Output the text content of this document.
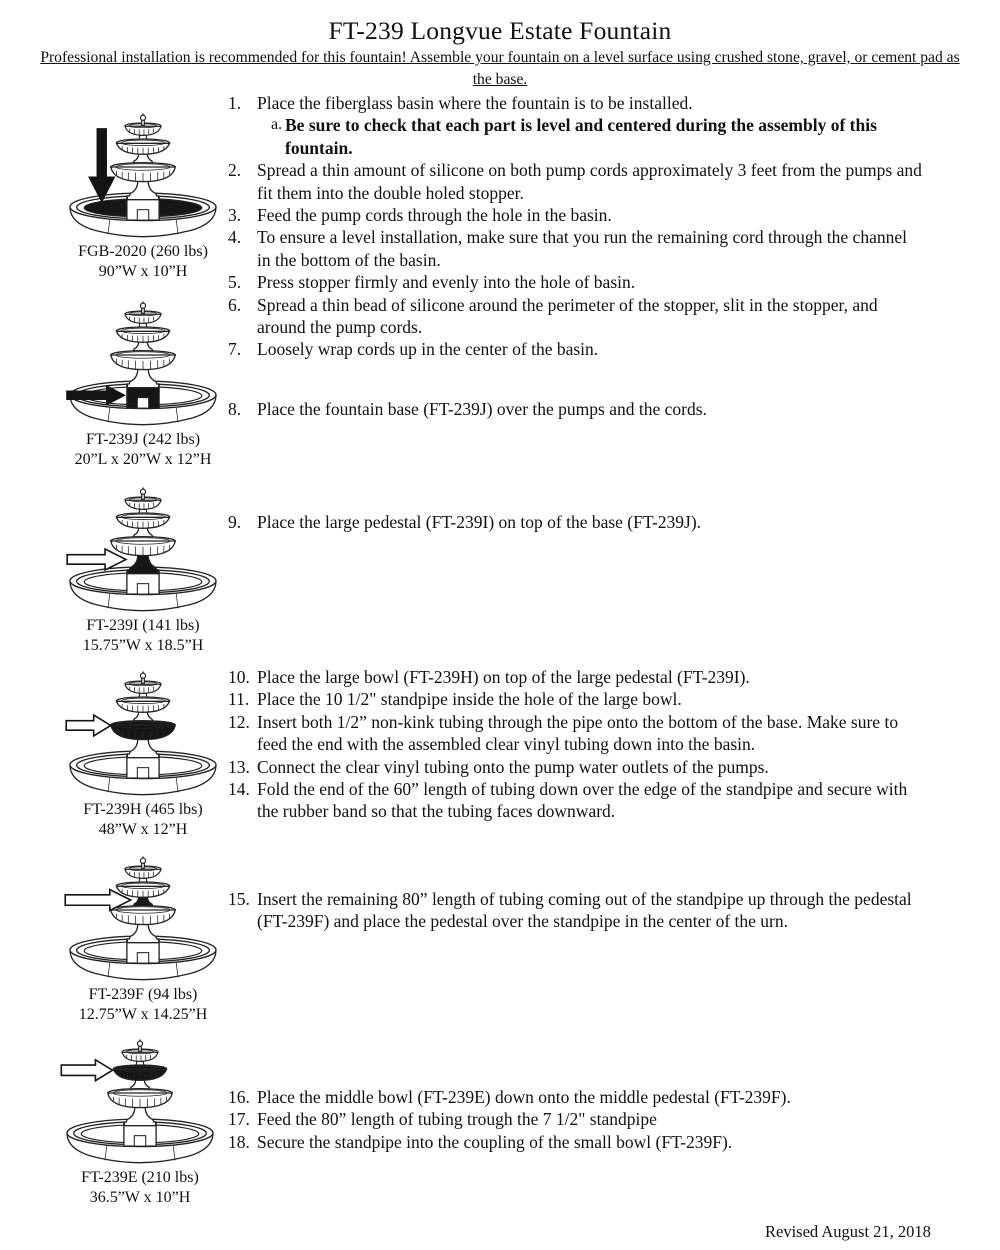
FT-239 Longvue Estate Fountain
Professional installation is recommended for this fountain! Assemble your fountain on a level surface using crushed stone, gravel, or cement pad as the base.
FGB-2020 (260 lbs)
90”W x 10”H
FT-239J (242 lbs)
20”L x 20”W x 12”H
FT-239I (141 lbs)
15.75”W x 18.5”H
FT-239H (465 lbs)
48”W x 12”H
FT-239F (94 lbs)
12.75”W x 14.25”H
FT-239E (210 lbs)
36.5”W x 10”H
1. Place the fiberglass basin where the fountain is to be installed.
a. Be sure to check that each part is level and centered during the assembly of this fountain.
2. Spread a thin amount of silicone on both pump cords approximately 3 feet from the pumps and fit them into the double holed stopper.
3. Feed the pump cords through the hole in the basin.
4. To ensure a level installation, make sure that you run the remaining cord through the channel in the bottom of the basin.
5. Press stopper firmly and evenly into the hole of basin.
6. Spread a thin bead of silicone around the perimeter of the stopper, slit in the stopper, and around the pump cords.
7. Loosely wrap cords up in the center of the basin.
8. Place the fountain base (FT-239J) over the pumps and the cords.
9. Place the large pedestal (FT-239I) on top of the base (FT-239J).
10. Place the large bowl (FT-239H) on top of the large pedestal (FT-239I).
11. Place the 10 1/2" standpipe inside the hole of the large bowl.
12. Insert both 1/2” non-kink tubing through the pipe onto the bottom of the base. Make sure to feed the end with the assembled clear vinyl tubing down into the basin.
13. Connect the clear vinyl tubing onto the pump water outlets of the pumps.
14. Fold the end of the 60” length of tubing down over the edge of the standpipe and secure with the rubber band so that the tubing faces downward.
15. Insert the remaining 80” length of tubing coming out of the standpipe up through the pedestal (FT-239F) and place the pedestal over the standpipe in the center of the urn.
16. Place the middle bowl (FT-239E) down onto the middle pedestal (FT-239F).
17. Feed the 80” length of tubing trough the 7 1/2" standpipe
18. Secure the standpipe into the coupling of the small bowl (FT-239F).
Revised August 21, 2018
